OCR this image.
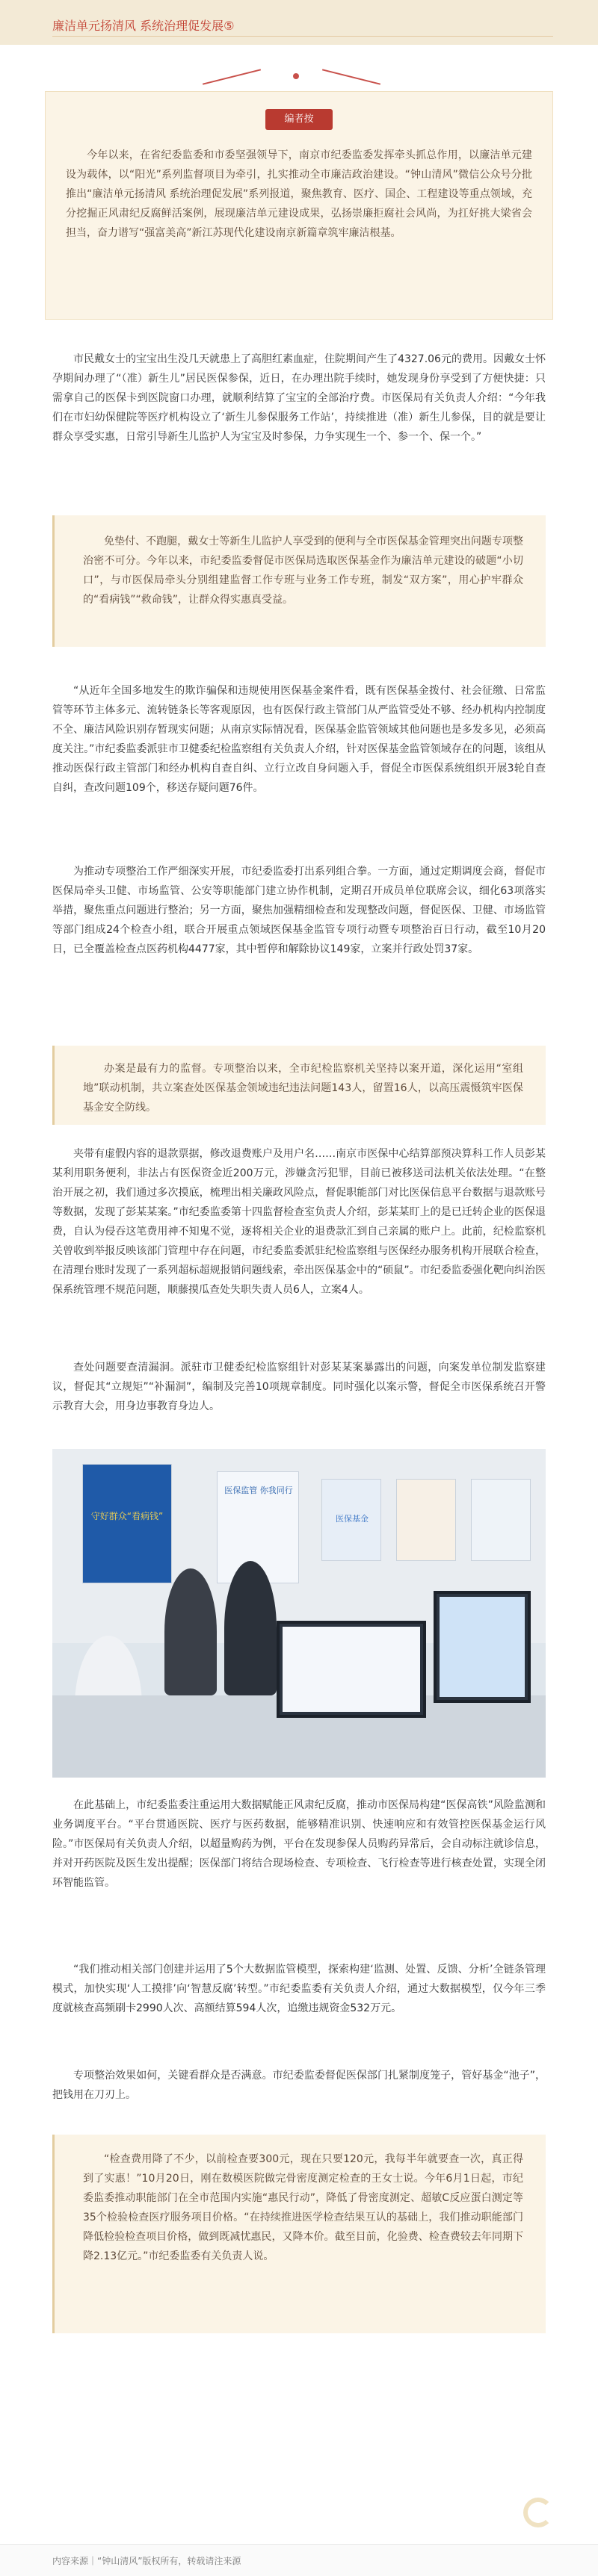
廉洁单元扬清风 系统治理促发展⑤
编者按
今年以来，在省纪委监委和市委坚强领导下，南京市纪委监委发挥牵头抓总作用，以廉洁单元建设为载体，以“阳光”系列监督项目为牵引，扎实推动全市廉洁政治建设。“钟山清风”微信公众号分批推出“廉洁单元扬清风 系统治理促发展”系列报道，聚焦教育、医疗、国企、工程建设等重点领域，充分挖掘正风肃纪反腐鲜活案例，展现廉洁单元建设成果，弘扬崇廉拒腐社会风尚，为扛好挑大梁省会担当，奋力谱写“强富美高”新江苏现代化建设南京新篇章筑牢廉洁根基。
市民戴女士的宝宝出生没几天就患上了高胆红素血症，住院期间产生了4327.06元的费用。因戴女士怀孕期间办理了“（准）新生儿”居民医保参保，近日，在办理出院手续时，她发现身份享受到了方便快捷：只需拿自己的医保卡到医院窗口办理，就顺利结算了宝宝的全部治疗费。市医保局有关负责人介绍：“今年我们在市妇幼保健院等医疗机构设立了‘新生儿参保服务工作站’，持续推进（准）新生儿参保，目的就是要让群众享受实惠，日常引导新生儿监护人为宝宝及时参保，力争实现生一个、参一个、保一个。”
免垫付、不跑腿，戴女士等新生儿监护人享受到的便利与全市医保基金管理突出问题专项整治密不可分。今年以来，市纪委监委督促市医保局选取医保基金作为廉洁单元建设的破题“小切口”，与市医保局牵头分别组建监督工作专班与业务工作专班，制发“双方案”，用心护牢群众的“看病钱”“救命钱”，让群众得实惠真受益。
“从近年全国多地发生的欺诈骗保和违规使用医保基金案件看，既有医保基金拨付、社会征缴、日常监管等环节主体多元、流转链条长等客观原因，也有医保行政主管部门从严监管受处不够、经办机构内控制度不全、廉洁风险识别存暂现实问题；从南京实际情况看，医保基金监管领域其他问题也是多发多见，必须高度关注。”市纪委监委派驻市卫健委纪检监察组有关负责人介绍，针对医保基金监管领域存在的问题，该组从推动医保行政主管部门和经办机构自查自纠、立行立改自身问题入手，督促全市医保系统组织开展3轮自查自纠，查改问题109个，移送存疑问题76件。
为推动专项整治工作严细深实开展，市纪委监委打出系列组合拳。一方面，通过定期调度会商，督促市医保局牵头卫健、市场监管、公安等职能部门建立协作机制，定期召开成员单位联席会议，细化63项落实举措，聚焦重点问题进行整治；另一方面，聚焦加强精细检查和发现整改问题，督促医保、卫健、市场监管等部门组成24个检查小组，联合开展重点领域医保基金监管专项行动暨专项整治百日行动，截至10月20日，已全覆盖检查点医药机构4477家，其中暂停和解除协议149家，立案并行政处罚37家。
办案是最有力的监督。专项整治以来，全市纪检监察机关坚持以案开道，深化运用“室组地”联动机制，共立案查处医保基金领域违纪违法问题143人，留置16人，以高压震慑筑牢医保基金安全防线。
夹带有虚假内容的退款票据，修改退费账户及用户名……南京市医保中心结算部预决算科工作人员彭某某利用职务便利，非法占有医保资金近200万元，涉嫌贪污犯罪，目前已被移送司法机关依法处理。“在整治开展之初，我们通过多次摸底，梳理出相关廉政风险点，督促职能部门对比医保信息平台数据与退款账号等数据，发现了彭某某案。”市纪委监委第十四监督检查室负责人介绍，彭某某盯上的是已迁转企业的医保退费，自认为侵吞这笔费用神不知鬼不觉，逐将相关企业的退费款汇到自己亲属的账户上。此前，纪检监察机关曾收到举报反映该部门管理中存在问题，市纪委监委派驻纪检监察组与医保经办服务机构开展联合检查，在清理台账时发现了一系列超标超规报销问题线索，牵出医保基金中的“硕鼠”。市纪委监委强化靶向纠治医保系统管理不规范问题，顺藤摸瓜查处失职失责人员6人，立案4人。
查处问题要查清漏洞。派驻市卫健委纪检监察组针对彭某某案暴露出的问题，向案发单位制发监察建议，督促其“立规矩”“补漏洞”，编制及完善10项规章制度。同时强化以案示警，督促全市医保系统召开警示教育大会，用身边事教育身边人。
守好群众“看病钱”
医保监管 你我同行
医保基金
在此基础上，市纪委监委注重运用大数据赋能正风肃纪反腐，推动市医保局构建“医保高铁”风险监测和业务调度平台。“平台贯通医院、医疗与医药数据，能够精准识别、快速响应和有效管控医保基金运行风险。”市医保局有关负责人介绍，以超量购药为例，平台在发现参保人员购药异常后，会自动标注就诊信息，并对开药医院及医生发出提醒；医保部门将结合现场检查、专项检查、飞行检查等进行核查处置，实现全闭环智能监管。
“我们推动相关部门创建并运用了5个大数据监管模型，探索构建‘监测、处置、反馈、分析’全链条管理模式，加快实现‘人工摸排’向‘智慧反腐’转型。”市纪委监委有关负责人介绍，通过大数据模型，仅今年三季度就核查高频刷卡2990人次、高额结算594人次，追缴违规资金532万元。
专项整治效果如何，关键看群众是否满意。市纪委监委督促医保部门扎紧制度笼子，管好基金“池子”，把钱用在刀刃上。
“检查费用降了不少，以前检查要300元，现在只要120元，我每半年就要查一次，真正得到了实惠！”10月20日，刚在数模医院做完骨密度测定检查的王女士说。今年6月1日起，市纪委监委推动职能部门在全市范围内实施“惠民行动”，降低了骨密度测定、超敏C反应蛋白测定等35个检验检查医疗服务项目价格。“在持续推进医学检查结果互认的基础上，我们推动职能部门降低检验检查项目价格，做到既减忧惠民，又降本价。截至目前，化验费、检查费较去年同期下降2.13亿元。”市纪委监委有关负责人说。
内容来源｜“钟山清风”版权所有，转载请注来源
